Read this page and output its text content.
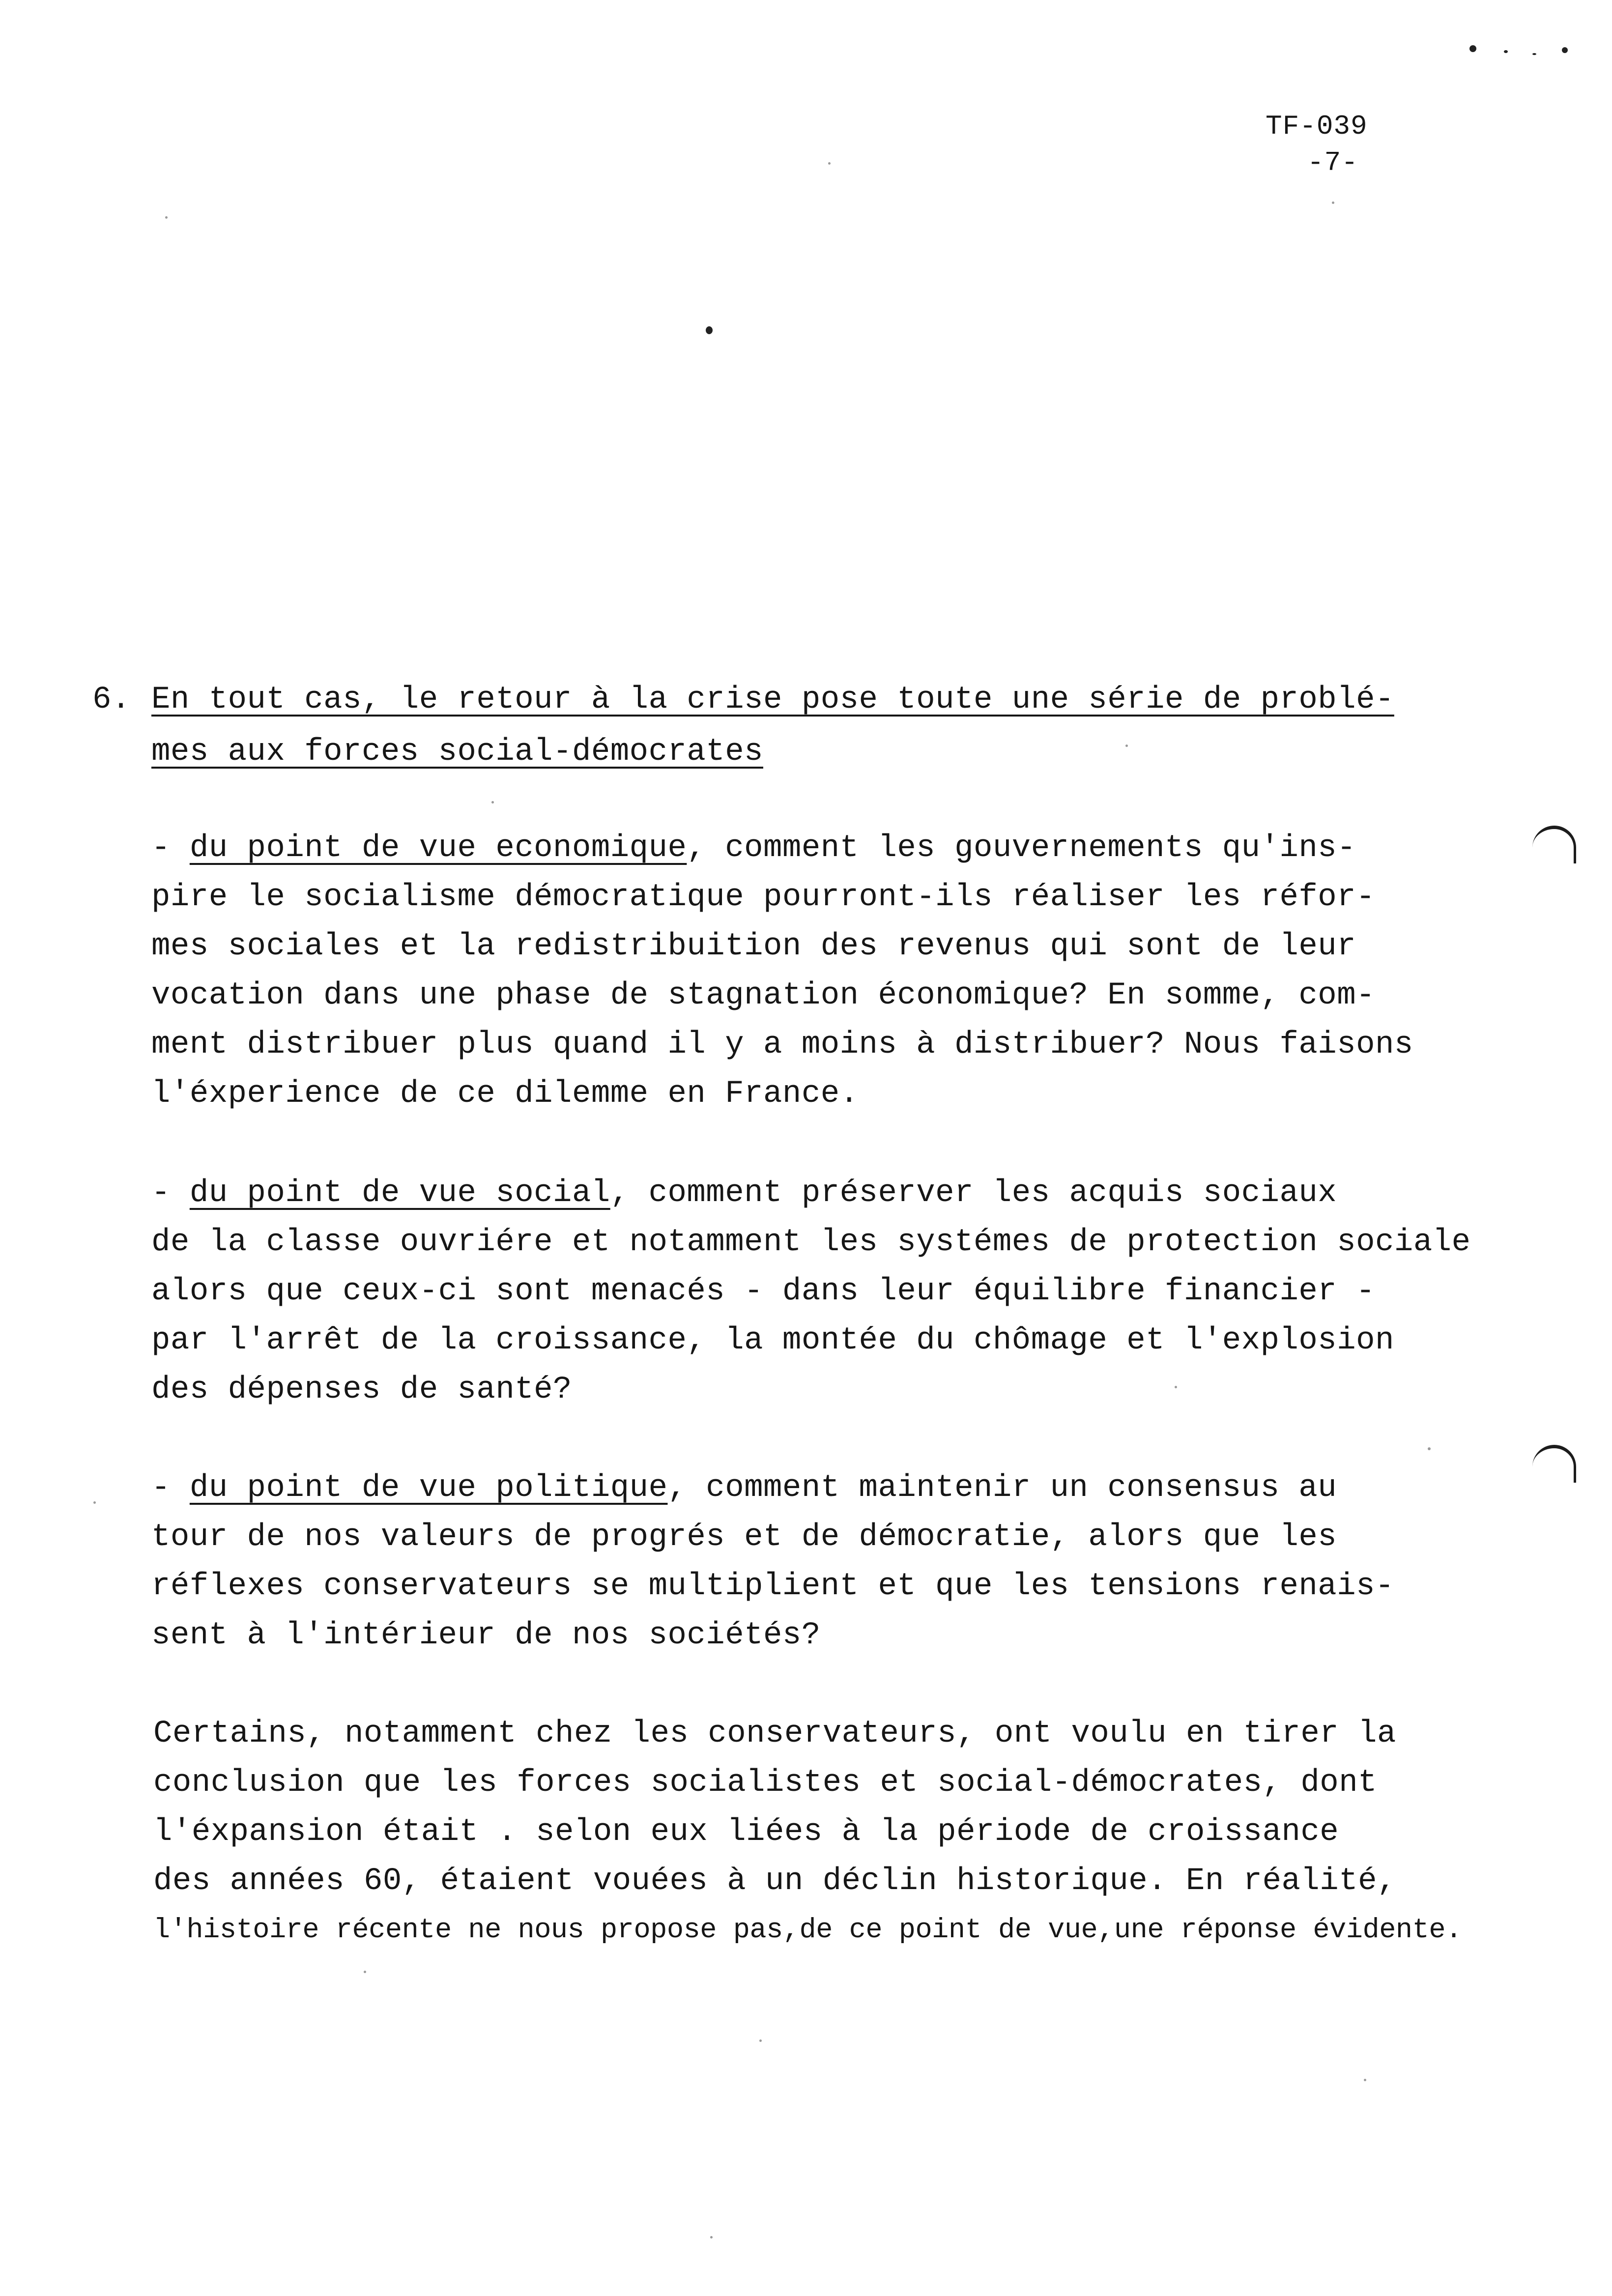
TF-039
-7-
6. En tout cas, le retour à la crise pose toute une série de problé-
mes aux forces social-démocrates
- du point de vue economique, comment les gouvernements qu'ins-
pire le socialisme démocratique pourront-ils réaliser les réfor-
mes sociales et la redistribuition des revenus qui sont de leur
vocation dans une phase de stagnation économique? En somme, com-
ment distribuer plus quand il y a moins à distribuer? Nous faisons
l'éxperience de ce dilemme en France.
- du point de vue social, comment préserver les acquis sociaux
de la classe ouvriére et notamment les systémes de protection sociale
alors que ceux-ci sont menacés - dans leur équilibre financier -
par l'arrêt de la croissance, la montée du chômage et l'explosion
des dépenses de santé?
- du point de vue politique, comment maintenir un consensus au
tour de nos valeurs de progrés et de démocratie, alors que les
réflexes conservateurs se multiplient et que les tensions renais-
sent à l'intérieur de nos sociétés?
Certains, notamment chez les conservateurs, ont voulu en tirer la
conclusion que les forces socialistes et social-démocrates, dont
l'éxpansion était . selon eux liées à la période de croissance
des années 60, étaient vouées à un déclin historique. En réalité,
l'histoire récente ne nous propose pas,de ce point de vue,une réponse évidente.
